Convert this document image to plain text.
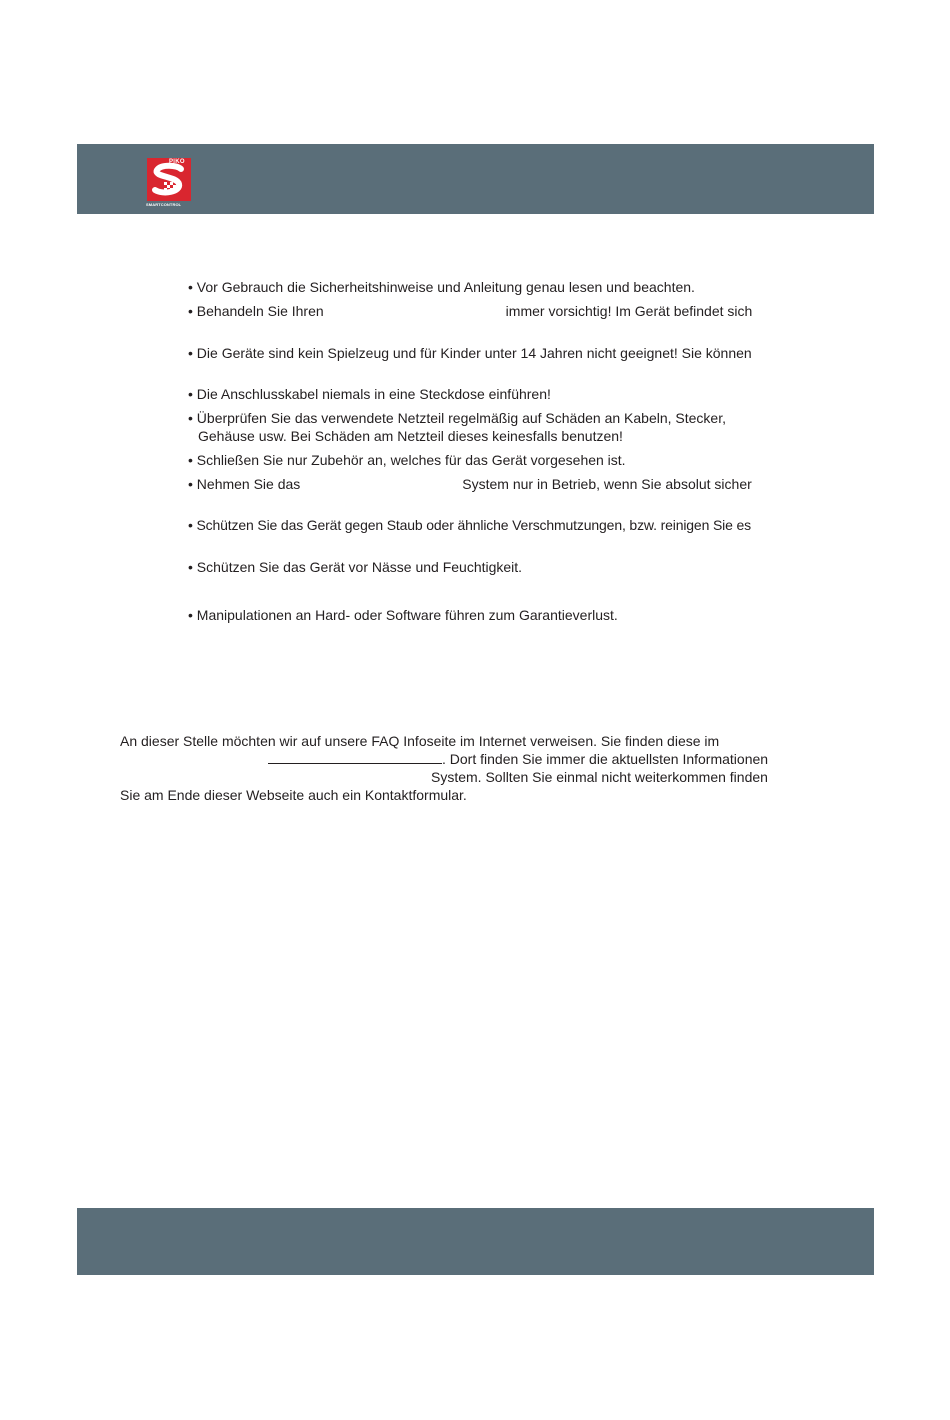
PIKO
SMARTCONTROL
• Vor Gebrauch die Sicherheitshinweise und Anleitung genau lesen und beachten.
• Behandeln Sie Ihren	immer vorsichtig! Im Gerät befindet sich
• Die Geräte sind kein Spielzeug und für Kinder unter 14 Jahren nicht geeignet! Sie können
• Die Anschlusskabel niemals in eine Steckdose einführen!
• Überprüfen Sie das verwendete Netzteil regelmäßig auf Schäden an Kabeln, Stecker,
Gehäuse usw. Bei Schäden am Netzteil dieses keinesfalls benutzen!
• Schließen Sie nur Zubehör an, welches für das Gerät vorgesehen ist.
• Nehmen Sie das	System nur in Betrieb, wenn Sie absolut sicher
• Schützen Sie das Gerät gegen Staub oder ähnliche Verschmutzungen, bzw. reinigen Sie es
• Schützen Sie das Gerät vor Nässe und Feuchtigkeit.
• Manipulationen an Hard- oder Software führen zum Garantieverlust.
An dieser Stelle möchten wir auf unsere FAQ Infoseite im Internet verweisen. Sie finden diese im
. Dort finden Sie immer die aktuellsten Informationen
System. Sollten Sie einmal nicht weiterkommen finden
Sie am Ende dieser Webseite auch ein Kontaktformular.
